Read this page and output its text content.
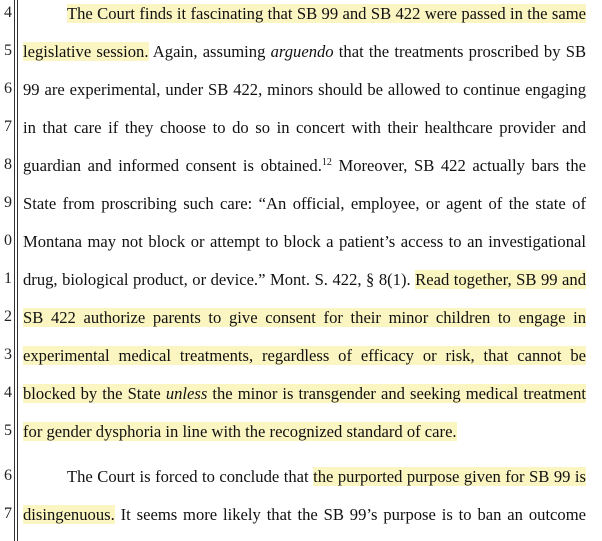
4	The Court finds it fascinating that SB 99 and SB 422 were passed in the same
5 legislative session. Again, assuming arguendo that the treatments proscribed by SB
6 99 are experimental, under SB 422, minors should be allowed to continue engaging
7 in that care if they choose to do so in concert with their healthcare provider and
8 guardian and informed consent is obtained.$^{12}$ Moreover, SB 422 actually bars the
9 State from proscribing such care: “An official, employee, or agent of the state of
0 Montana may not block or attempt to block a patient’s access to an investigational
1 drug, biological product, or device.” Mont. S. 422, § 8(1). Read together, SB 99 and
2 SB 422 authorize parents to give consent for their minor children to engage in
3 experimental medical treatments, regardless of efficacy or risk, that cannot be
4 blocked by the State unless the minor is transgender and seeking medical treatment
5 for gender dysphoria in line with the recognized standard of care.
6	The Court is forced to conclude that the purported purpose given for SB 99 is
7 disingenuous. It seems more likely that the SB 99’s purpose is to ban an outcome
